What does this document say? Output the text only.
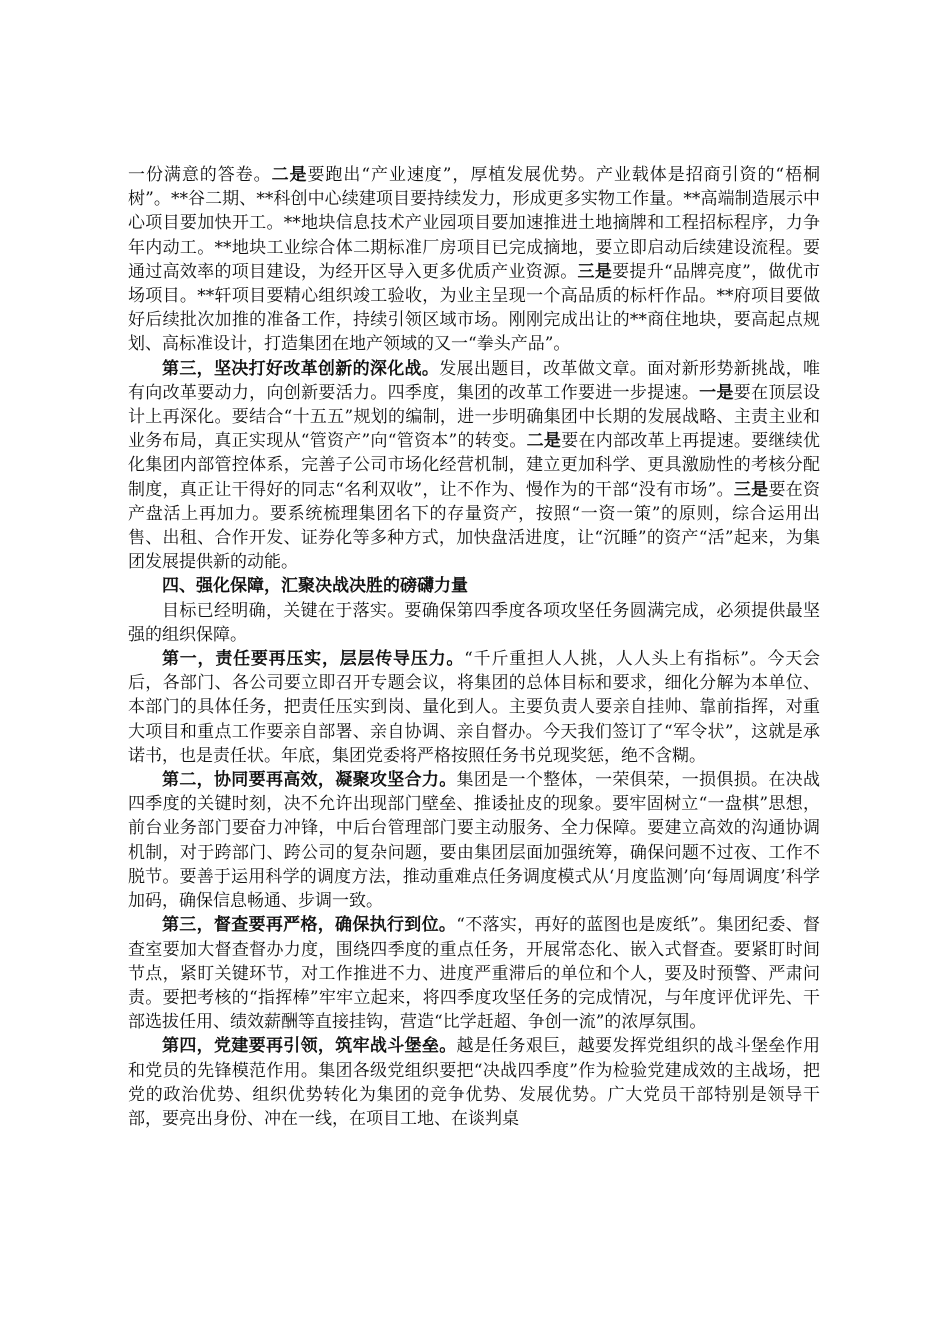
一份满意的答卷。二是要跑出“产业速度”，厚植发展优势。产业载体是招商引资的“梧桐树”。**谷二期、**科创中心续建项目要持续发力，形成更多实物工作量。**高端制造展示中心项目要加快开工。**地块信息技术产业园项目要加速推进土地摘牌和工程招标程序，力争年内动工。**地块工业综合体二期标准厂房项目已完成摘地，要立即启动后续建设流程。要通过高效率的项目建设，为经开区导入更多优质产业资源。三是要提升“品牌亮度”，做优市场项目。**轩项目要精心组织竣工验收，为业主呈现一个高品质的标杆作品。**府项目要做好后续批次加推的准备工作，持续引领区域市场。刚刚完成出让的**商住地块，要高起点规划、高标准设计，打造集团在地产领域的又一“拳头产品”。

第三，坚决打好改革创新的深化战。发展出题目，改革做文章。面对新形势新挑战，唯有向改革要动力，向创新要活力。四季度，集团的改革工作要进一步提速。一是要在顶层设计上再深化。要结合“十五五”规划的编制，进一步明确集团中长期的发展战略、主责主业和业务布局，真正实现从“管资产”向“管资本”的转变。二是要在内部改革上再提速。要继续优化集团内部管控体系，完善子公司市场化经营机制，建立更加科学、更具激励性的考核分配制度，真正让干得好的同志“名利双收”，让不作为、慢作为的干部“没有市场”。三是要在资产盘活上再加力。要系统梳理集团名下的存量资产，按照“一资一策”的原则，综合运用出售、出租、合作开发、证券化等多种方式，加快盘活进度，让“沉睡”的资产“活”起来，为集团发展提供新的动能。

四、强化保障，汇聚决战决胜的磅礴力量

目标已经明确，关键在于落实。要确保第四季度各项攻坚任务圆满完成，必须提供最坚强的组织保障。

第一，责任要再压实，层层传导压力。“千斤重担人人挑，人人头上有指标”。今天会后，各部门、各公司要立即召开专题会议，将集团的总体目标和要求，细化分解为本单位、本部门的具体任务，把责任压实到岗、量化到人。主要负责人要亲自挂帅、靠前指挥，对重大项目和重点工作要亲自部署、亲自协调、亲自督办。今天我们签订了“军令状”，这就是承诺书，也是责任状。年底，集团党委将严格按照任务书兑现奖惩，绝不含糊。

第二，协同要再高效，凝聚攻坚合力。集团是一个整体，一荣俱荣，一损俱损。在决战四季度的关键时刻，决不允许出现部门壁垒、推诿扯皮的现象。要牢固树立“一盘棋”思想，前台业务部门要奋力冲锋，中后台管理部门要主动服务、全力保障。要建立高效的沟通协调机制，对于跨部门、跨公司的复杂问题，要由集团层面加强统筹，确保问题不过夜、工作不脱节。要善于运用科学的调度方法，推动重难点任务调度模式从‘月度监测’向‘每周调度’科学加码，确保信息畅通、步调一致。

第三，督查要再严格，确保执行到位。“不落实，再好的蓝图也是废纸”。集团纪委、督查室要加大督查督办力度，围绕四季度的重点任务，开展常态化、嵌入式督查。要紧盯时间节点，紧盯关键环节，对工作推进不力、进度严重滞后的单位和个人，要及时预警、严肃问责。要把考核的“指挥棒”牢牢立起来，将四季度攻坚任务的完成情况，与年度评优评先、干部选拔任用、绩效薪酬等直接挂钩，营造“比学赶超、争创一流”的浓厚氛围。

第四，党建要再引领，筑牢战斗堡垒。越是任务艰巨，越要发挥党组织的战斗堡垒作用和党员的先锋模范作用。集团各级党组织要把“决战四季度”作为检验党建成效的主战场，把党的政治优势、组织优势转化为集团的竞争优势、发展优势。广大党员干部特别是领导干部，要亮出身份、冲在一线，在项目工地、在谈判桌
